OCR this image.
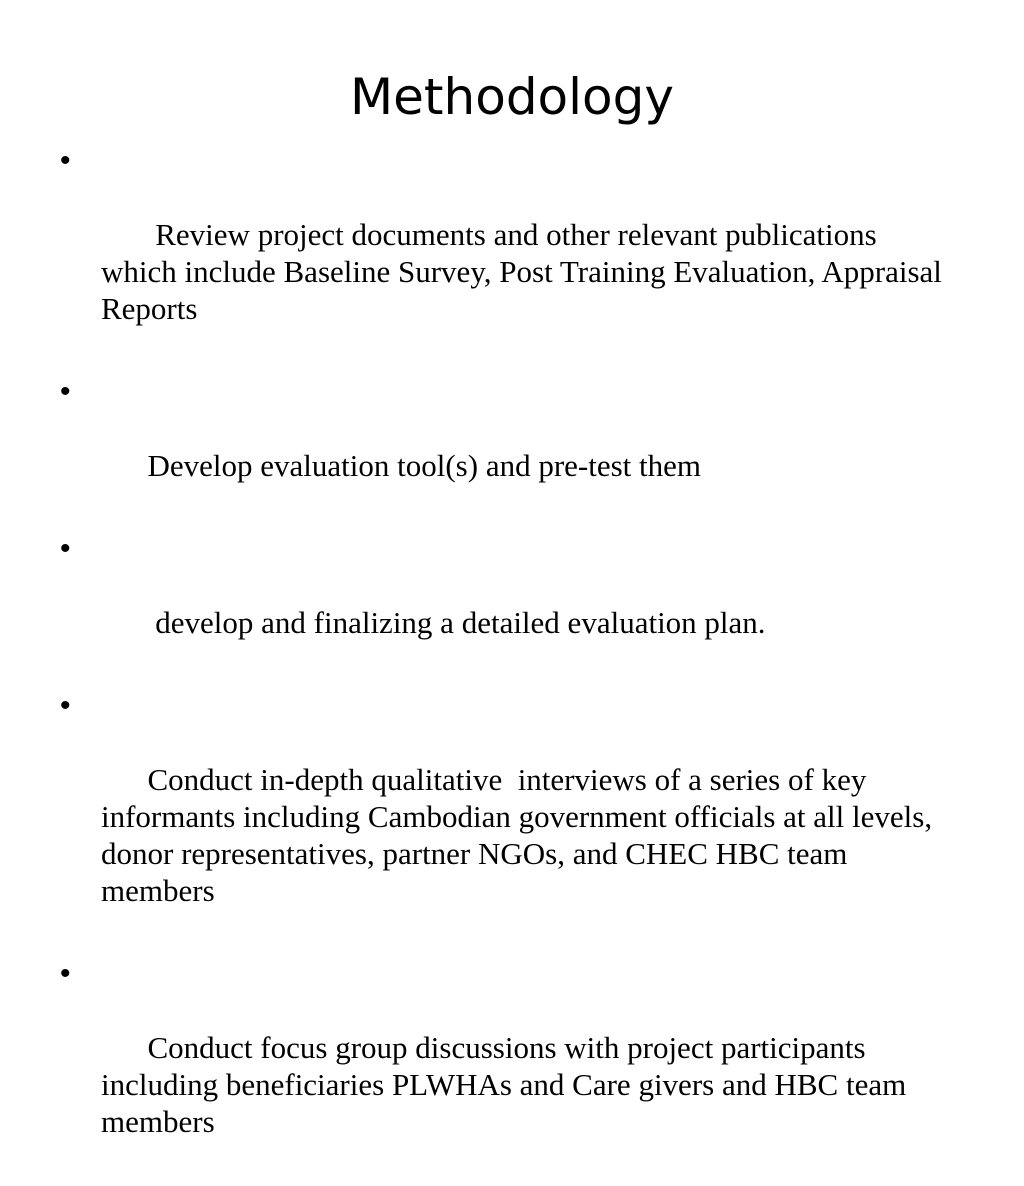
Methodology

•

Review project documents and other relevant publications which include Baseline Survey, Post Training Evaluation, Appraisal Reports

•

Develop evaluation tool(s) and pre-test them

•

develop and finalizing a detailed evaluation plan.

•

Conduct in-depth qualitative  interviews of a series of key informants including Cambodian government officials at all levels, donor representatives, partner NGOs, and CHEC HBC team members

•

Conduct focus group discussions with project participants including beneficiaries PLWHAs and Care givers and HBC team members
